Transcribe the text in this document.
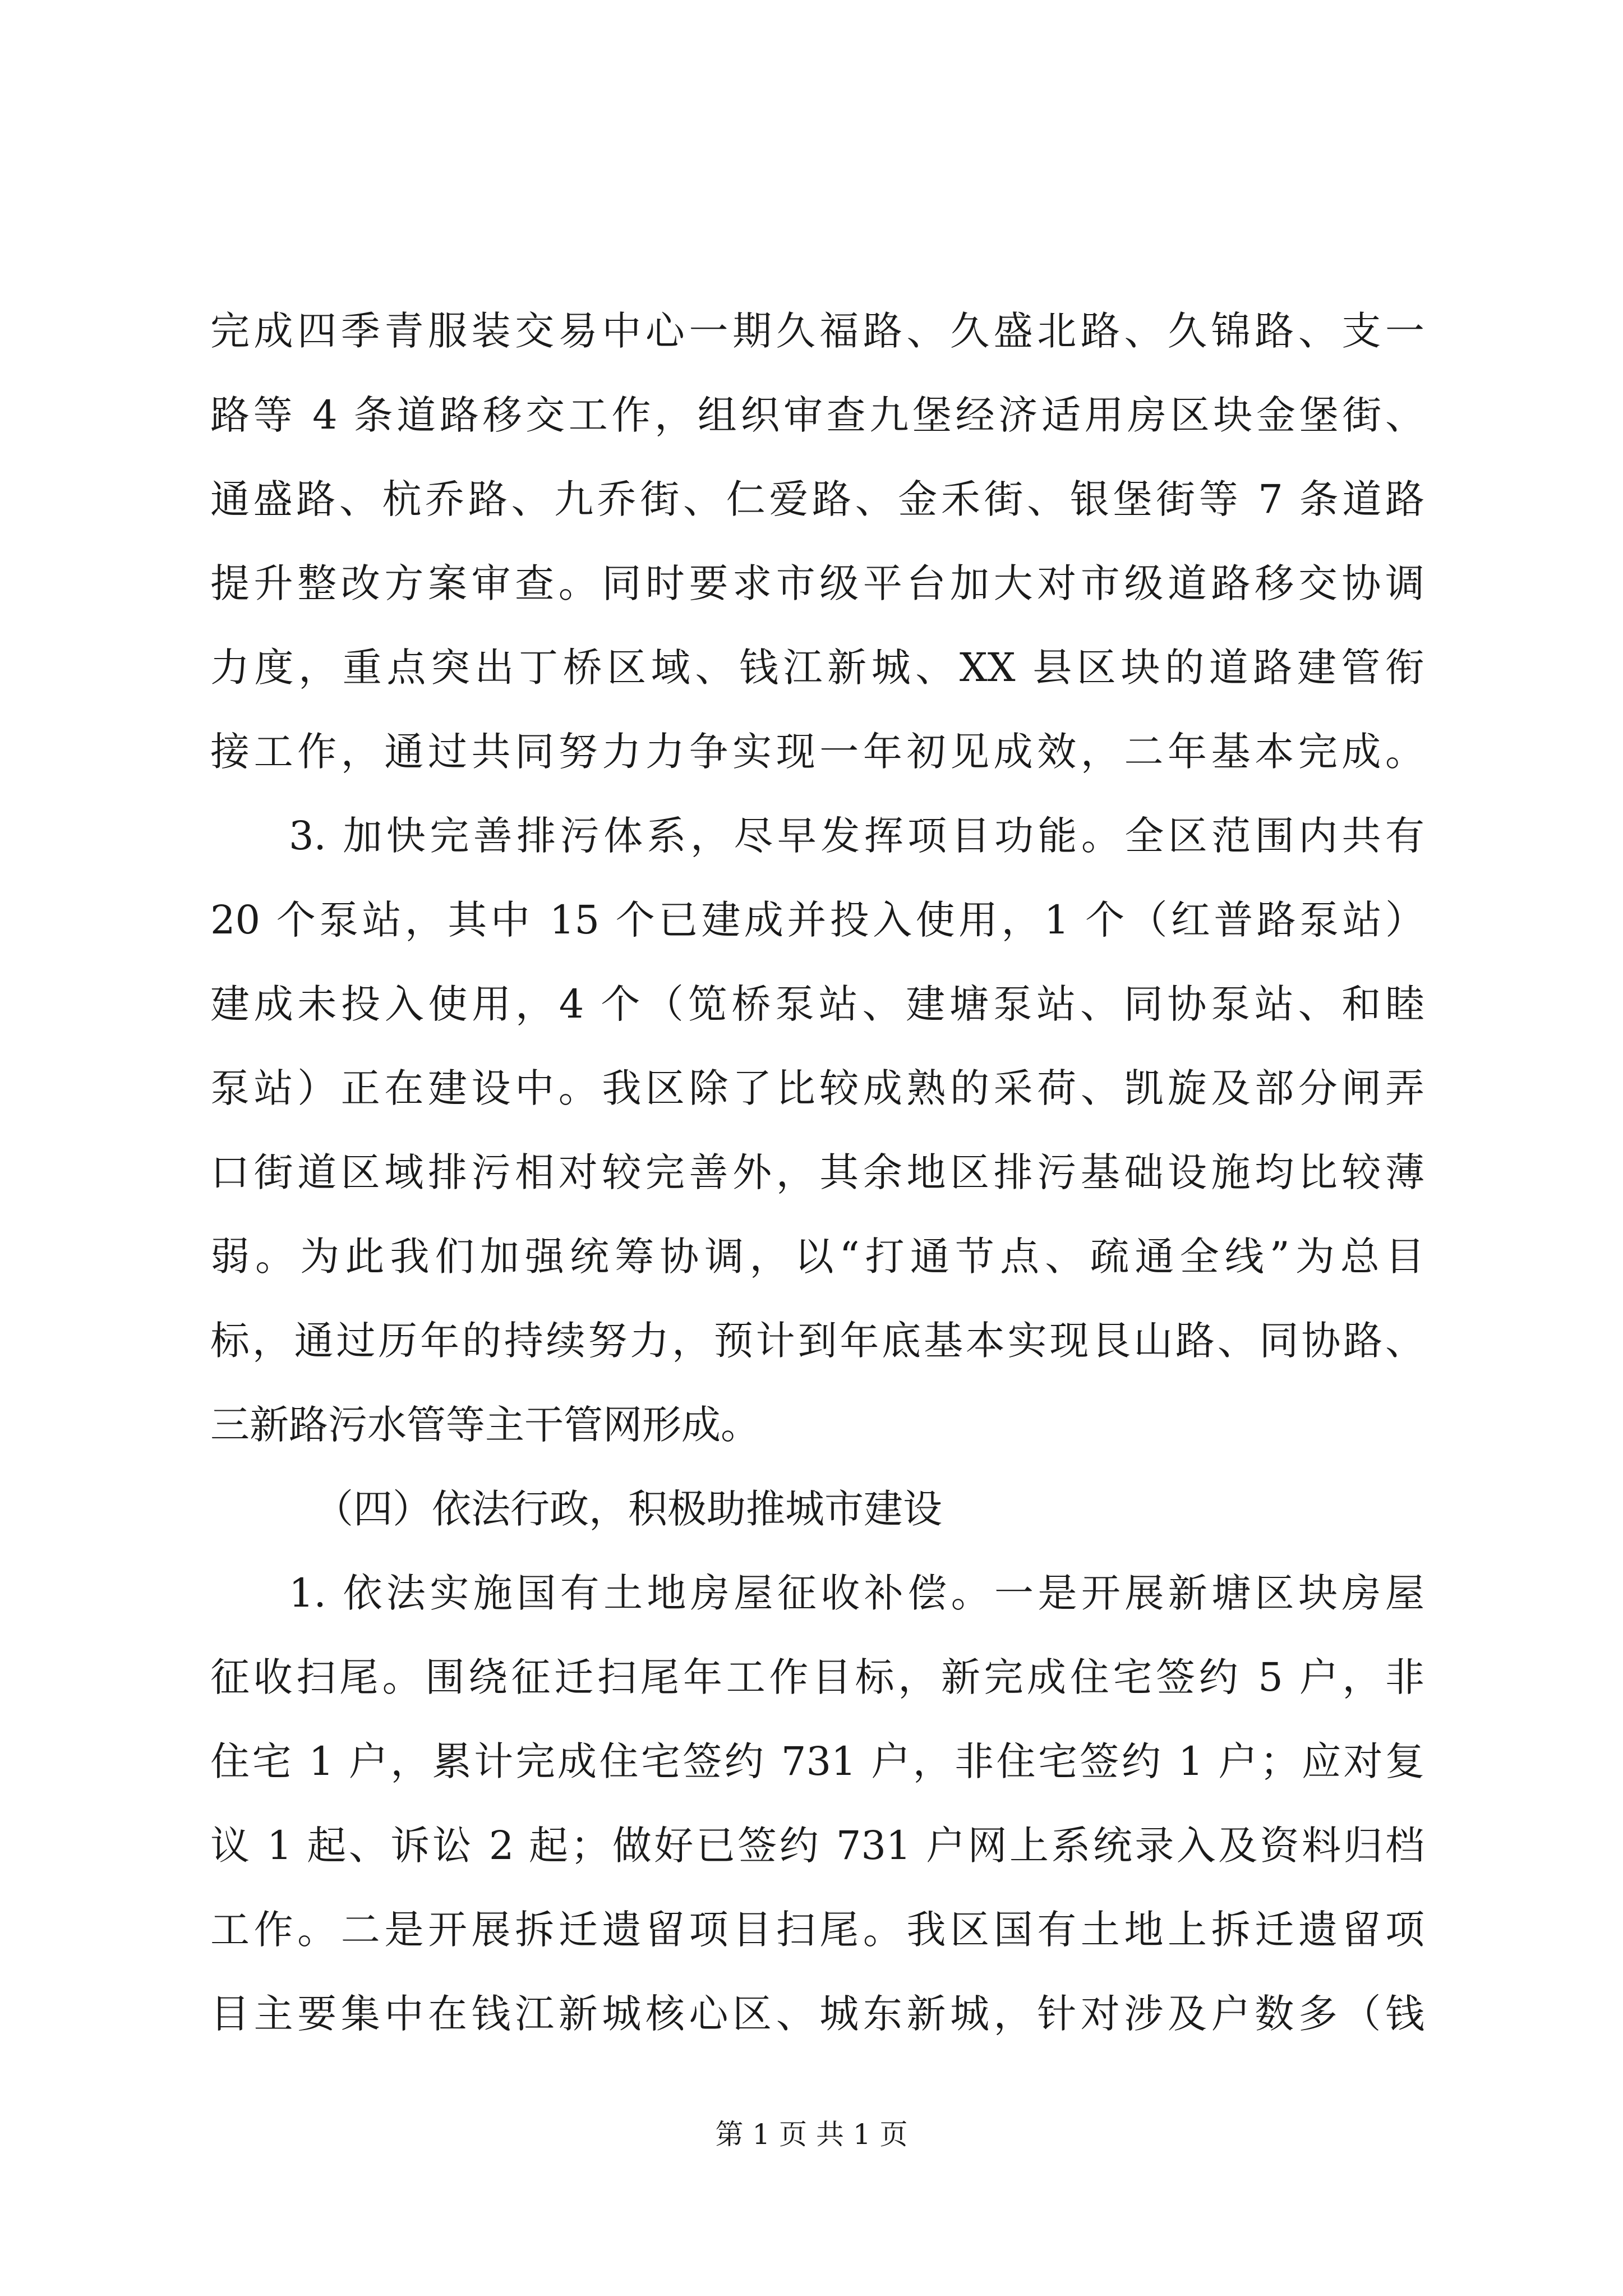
完成四季青服装交易中心一期久福路、久盛北路、久锦路、支一
路等 4 条道路移交工作，组织审查九堡经济适用房区块金堡街、
通盛路、杭乔路、九乔街、仁爱路、金禾街、银堡街等 7 条道路
提升整改方案审查。同时要求市级平台加大对市级道路移交协调
力度，重点突出丁桥区域、钱江新城、XX 县区块的道路建管衔
接工作，通过共同努力力争实现一年初见成效，二年基本完成。
3. 加快完善排污体系，尽早发挥项目功能。全区范围内共有
20 个泵站，其中 15 个已建成并投入使用，1 个（红普路泵站）
建成未投入使用，4 个（笕桥泵站、建塘泵站、同协泵站、和睦
泵站）正在建设中。我区除了比较成熟的采荷、凯旋及部分闸弄
口街道区域排污相对较完善外，其余地区排污基础设施均比较薄
弱。为此我们加强统筹协调，以“打通节点、疏通全线”为总目
标，通过历年的持续努力，预计到年底基本实现艮山路、同协路、
三新路污水管等主干管网形成。
（四）依法行政，积极助推城市建设
1. 依法实施国有土地房屋征收补偿。一是开展新塘区块房屋
征收扫尾。围绕征迁扫尾年工作目标，新完成住宅签约 5 户，非
住宅 1 户，累计完成住宅签约 731 户，非住宅签约 1 户；应对复
议 1 起、诉讼 2 起；做好已签约 731 户网上系统录入及资料归档
工作。二是开展拆迁遗留项目扫尾。我区国有土地上拆迁遗留项
目主要集中在钱江新城核心区、城东新城，针对涉及户数多（钱
第 1 页 共 1 页
